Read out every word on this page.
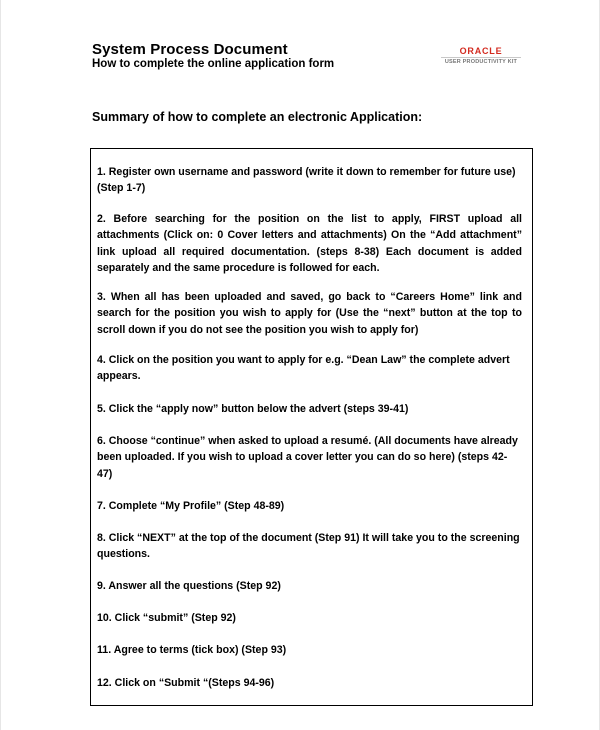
System Process Document
How to complete the online application form
ORACLE
USER PRODUCTIVITY KIT
Summary of how to complete an electronic Application:

1. Register own username and password (write it down to remember for future use) (Step 1-7)

2. Before searching for the position on the list to apply, FIRST upload all attachments (Click on: 0 Cover letters and attachments) On the “Add attachment” link upload all required documentation. (steps 8-38) Each document is added separately and the same procedure is followed for each.

3. When all has been uploaded and saved, go back to “Careers Home” link and search for the position you wish to apply for (Use the “next” button at the top to scroll down if you do not see the position you wish to apply for)

4. Click on the position you want to apply for e.g. “Dean Law” the complete advert appears.

5. Click the “apply now” button below the advert (steps 39-41)

6. Choose “continue” when asked to upload a resumé. (All documents have already been uploaded. If you wish to upload a cover letter you can do so here) (steps 42-47)

7. Complete “My Profile” (Step 48-89)

8. Click “NEXT” at the top of the document (Step 91) It will take you to the screening questions.

9. Answer all the questions (Step 92)

10. Click “submit” (Step 92)

11. Agree to terms (tick box) (Step 93)

12. Click on “Submit “(Steps 94-96)
